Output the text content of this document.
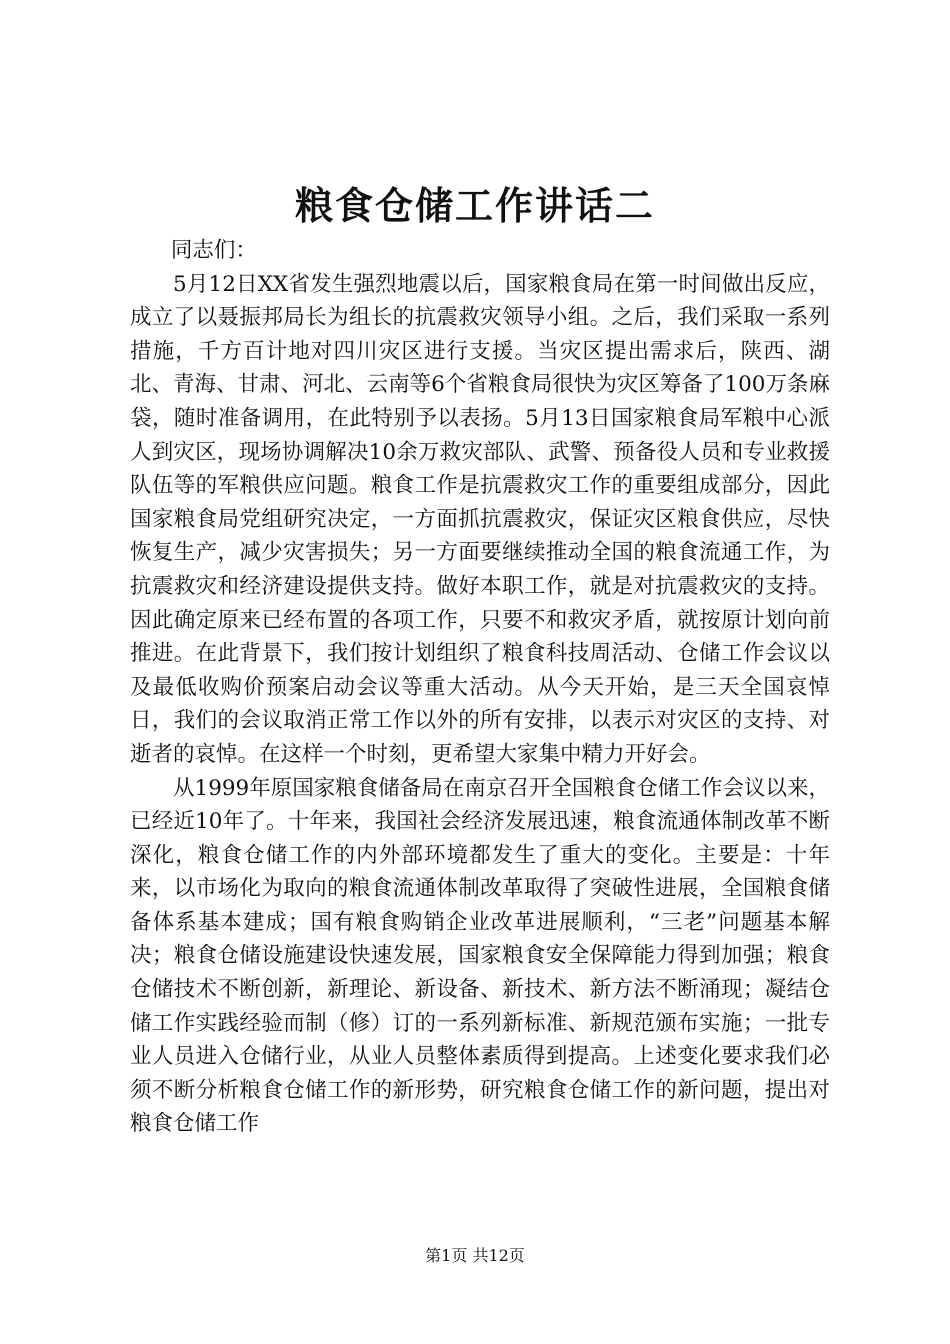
粮食仓储工作讲话二

同志们：

5月12日XX省发生强烈地震以后，国家粮食局在第一时间做出反应，成立了以聂振邦局长为组长的抗震救灾领导小组。之后，我们采取一系列措施，千方百计地对四川灾区进行支援。当灾区提出需求后，陕西、湖北、青海、甘肃、河北、云南等6个省粮食局很快为灾区筹备了100万条麻袋，随时准备调用，在此特别予以表扬。5月13日国家粮食局军粮中心派人到灾区，现场协调解决10余万救灾部队、武警、预备役人员和专业救援队伍等的军粮供应问题。粮食工作是抗震救灾工作的重要组成部分，因此国家粮食局党组研究决定，一方面抓抗震救灾，保证灾区粮食供应，尽快恢复生产，减少灾害损失；另一方面要继续推动全国的粮食流通工作，为抗震救灾和经济建设提供支持。做好本职工作，就是对抗震救灾的支持。因此确定原来已经布置的各项工作，只要不和救灾矛盾，就按原计划向前推进。在此背景下，我们按计划组织了粮食科技周活动、仓储工作会议以及最低收购价预案启动会议等重大活动。从今天开始，是三天全国哀悼日，我们的会议取消正常工作以外的所有安排，以表示对灾区的支持、对逝者的哀悼。在这样一个时刻，更希望大家集中精力开好会。

从1999年原国家粮食储备局在南京召开全国粮食仓储工作会议以来，已经近10年了。十年来，我国社会经济发展迅速，粮食流通体制改革不断深化，粮食仓储工作的内外部环境都发生了重大的变化。主要是：十年来，以市场化为取向的粮食流通体制改革取得了突破性进展，全国粮食储备体系基本建成；国有粮食购销企业改革进展顺利，“三老”问题基本解决；粮食仓储设施建设快速发展，国家粮食安全保障能力得到加强；粮食仓储技术不断创新，新理论、新设备、新技术、新方法不断涌现；凝结仓储工作实践经验而制（修）订的一系列新标准、新规范颁布实施；一批专业人员进入仓储行业，从业人员整体素质得到提高。上述变化要求我们必须不断分析粮食仓储工作的新形势，研究粮食仓储工作的新问题，提出对粮食仓储工作

第1页 共12页
